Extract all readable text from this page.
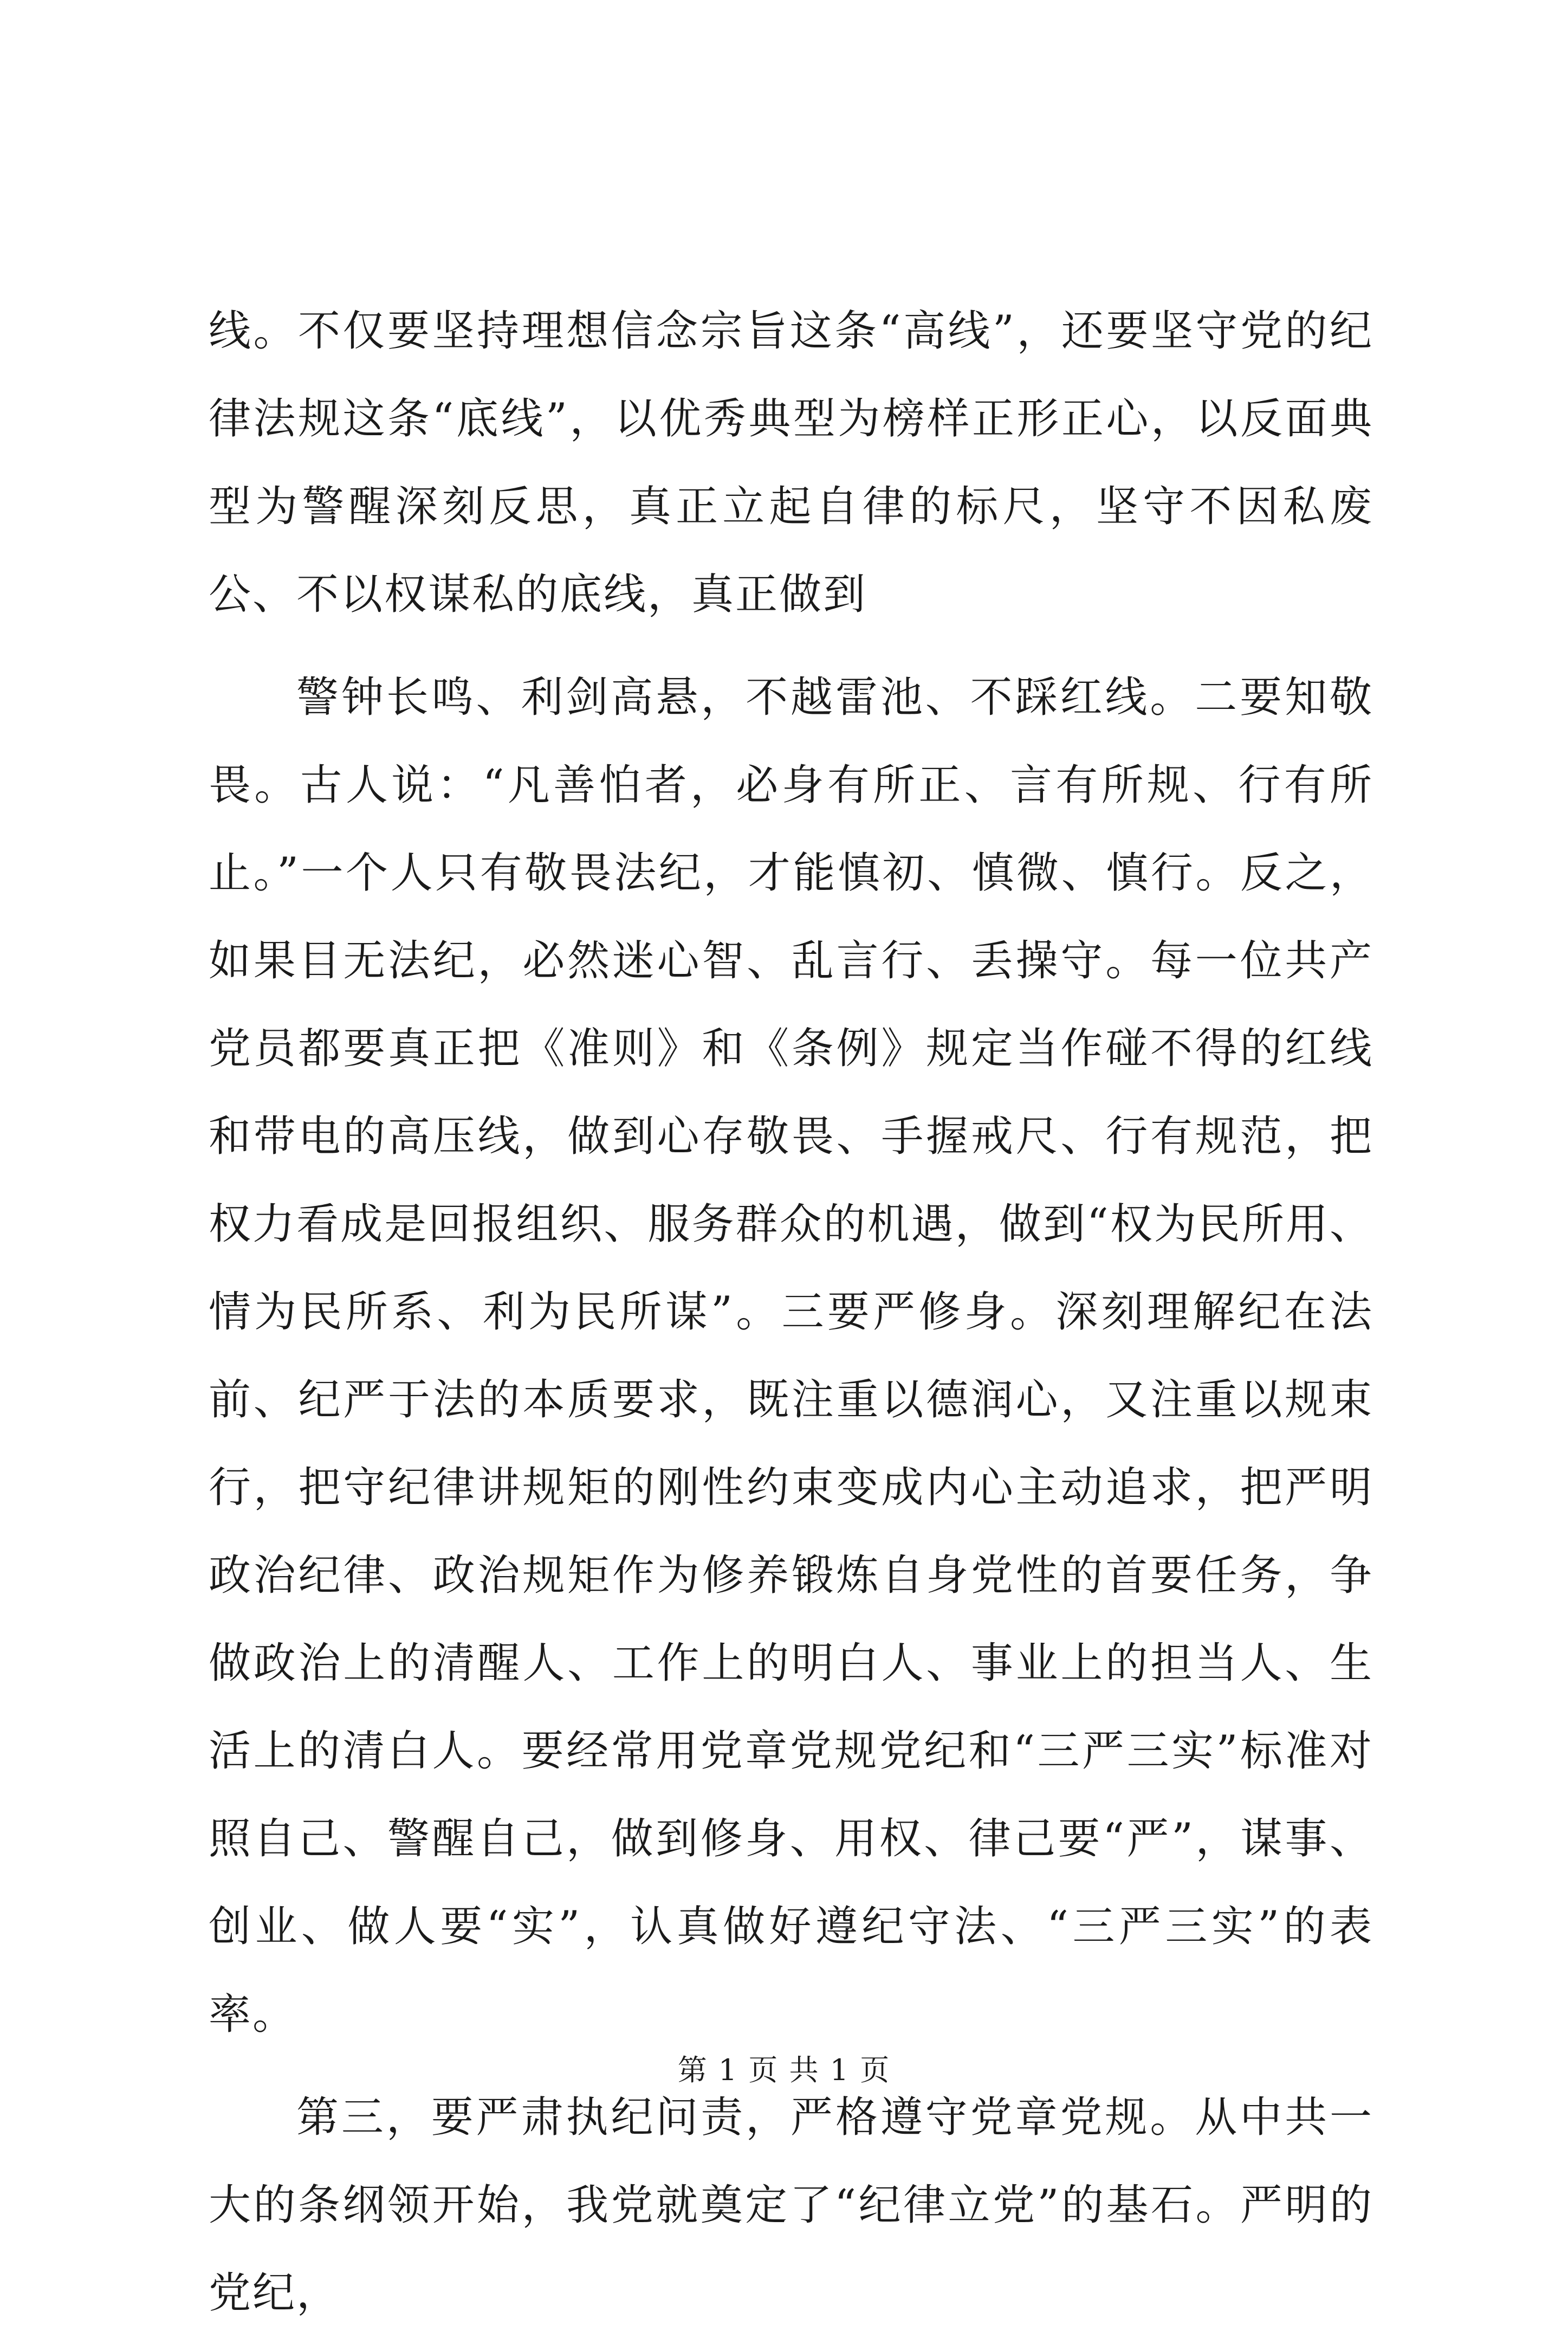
线。不仅要坚持理想信念宗旨这条“高线”，还要坚守党的纪律法规这条“底线”，以优秀典型为榜样正形正心，以反面典型为警醒深刻反思，真正立起自律的标尺，坚守不因私废公、不以权谋私的底线，真正做到

警钟长鸣、利剑高悬，不越雷池、不踩红线。二要知敬畏。古人说：“凡善怕者，必身有所正、言有所规、行有所止。”一个人只有敬畏法纪，才能慎初、慎微、慎行。反之，如果目无法纪，必然迷心智、乱言行、丢操守。每一位共产党员都要真正把《准则》和《条例》规定当作碰不得的红线和带电的高压线，做到心存敬畏、手握戒尺、行有规范，把权力看成是回报组织、服务群众的机遇，做到“权为民所用、情为民所系、利为民所谋”。三要严修身。深刻理解纪在法前、纪严于法的本质要求，既注重以德润心，又注重以规束行，把守纪律讲规矩的刚性约束变成内心主动追求，把严明政治纪律、政治规矩作为修养锻炼自身党性的首要任务，争做政治上的清醒人、工作上的明白人、事业上的担当人、生活上的清白人。要经常用党章党规党纪和“三严三实”标准对照自己、警醒自己，做到修身、用权、律己要“严”，谋事、创业、做人要“实”，认真做好遵纪守法、“三严三实”的表率。

第三，要严肃执纪问责，严格遵守党章党规。从中共一大的条纲领开始，我党就奠定了“纪律立党”的基石。严明的党纪，

第 1 页 共 1 页
